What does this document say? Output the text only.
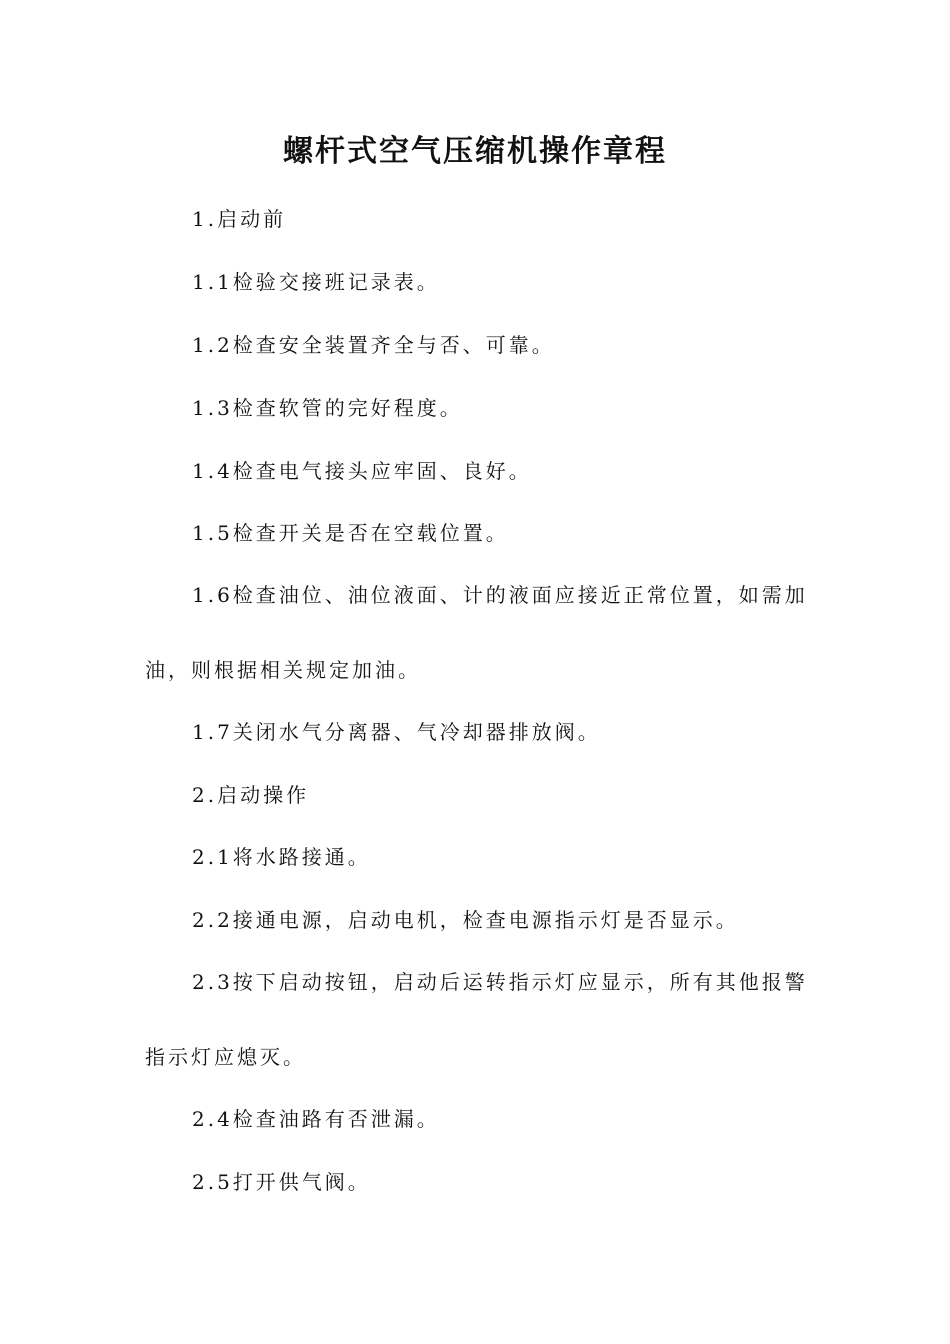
螺杆式空气压缩机操作章程
1.启动前
1.1检验交接班记录表。
1.2检查安全装置齐全与否、可靠。
1.3检查软管的完好程度。
1.4检查电气接头应牢固、良好。
1.5检查开关是否在空载位置。
1.6检查油位、油位液面、计的液面应接近正常位置，如需加
油，则根据相关规定加油。
1.7关闭水气分离器、气冷却器排放阀。
2.启动操作
2.1将水路接通。
2.2接通电源，启动电机，检查电源指示灯是否显示。
2.3按下启动按钮，启动后运转指示灯应显示，所有其他报警
指示灯应熄灭。
2.4检查油路有否泄漏。
2.5打开供气阀。
